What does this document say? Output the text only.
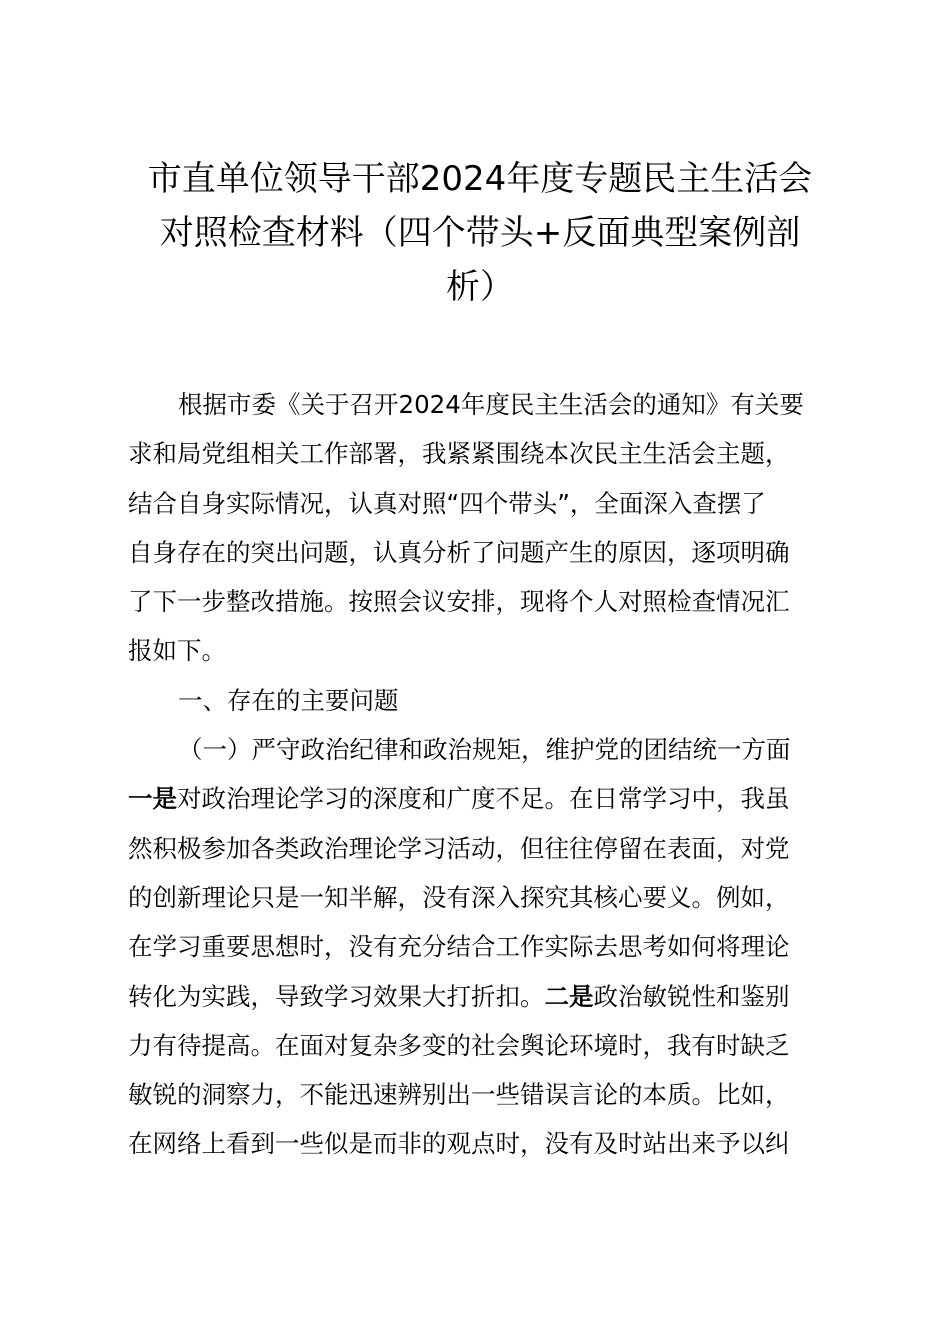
市直单位领导干部2024年度专题民主生活会
对照检查材料（四个带头+反面典型案例剖
析）
根据市委《关于召开2024年度民主生活会的通知》有关要
求和局党组相关工作部署，我紧紧围绕本次民主生活会主题，
结合自身实际情况，认真对照“四个带头”，全面深入查摆了
自身存在的突出问题，认真分析了问题产生的原因，逐项明确
了下一步整改措施。按照会议安排，现将个人对照检查情况汇
报如下。
一、存在的主要问题
（一）严守政治纪律和政治规矩，维护党的团结统一方面
一是对政治理论学习的深度和广度不足。在日常学习中，我虽
然积极参加各类政治理论学习活动，但往往停留在表面，对党
的创新理论只是一知半解，没有深入探究其核心要义。例如，
在学习重要思想时，没有充分结合工作实际去思考如何将理论
转化为实践，导致学习效果大打折扣。二是政治敏锐性和鉴别
力有待提高。在面对复杂多变的社会舆论环境时，我有时缺乏
敏锐的洞察力，不能迅速辨别出一些错误言论的本质。比如，
在网络上看到一些似是而非的观点时，没有及时站出来予以纠
